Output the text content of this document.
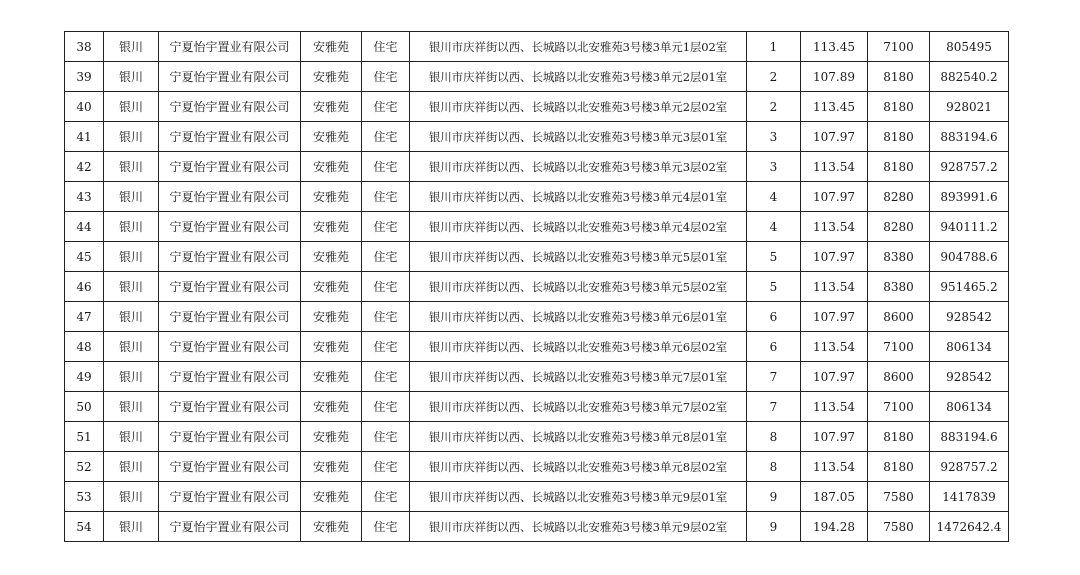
38	银川	宁夏怡宇置业有限公司	安雅苑	住宅	银川市庆祥街以西、长城路以北安雅苑3号楼3单元1层02室	1	113.45	7100	805495
39	银川	宁夏怡宇置业有限公司	安雅苑	住宅	银川市庆祥街以西、长城路以北安雅苑3号楼3单元2层01室	2	107.89	8180	882540.2
40	银川	宁夏怡宇置业有限公司	安雅苑	住宅	银川市庆祥街以西、长城路以北安雅苑3号楼3单元2层02室	2	113.45	8180	928021
41	银川	宁夏怡宇置业有限公司	安雅苑	住宅	银川市庆祥街以西、长城路以北安雅苑3号楼3单元3层01室	3	107.97	8180	883194.6
42	银川	宁夏怡宇置业有限公司	安雅苑	住宅	银川市庆祥街以西、长城路以北安雅苑3号楼3单元3层02室	3	113.54	8180	928757.2
43	银川	宁夏怡宇置业有限公司	安雅苑	住宅	银川市庆祥街以西、长城路以北安雅苑3号楼3单元4层01室	4	107.97	8280	893991.6
44	银川	宁夏怡宇置业有限公司	安雅苑	住宅	银川市庆祥街以西、长城路以北安雅苑3号楼3单元4层02室	4	113.54	8280	940111.2
45	银川	宁夏怡宇置业有限公司	安雅苑	住宅	银川市庆祥街以西、长城路以北安雅苑3号楼3单元5层01室	5	107.97	8380	904788.6
46	银川	宁夏怡宇置业有限公司	安雅苑	住宅	银川市庆祥街以西、长城路以北安雅苑3号楼3单元5层02室	5	113.54	8380	951465.2
47	银川	宁夏怡宇置业有限公司	安雅苑	住宅	银川市庆祥街以西、长城路以北安雅苑3号楼3单元6层01室	6	107.97	8600	928542
48	银川	宁夏怡宇置业有限公司	安雅苑	住宅	银川市庆祥街以西、长城路以北安雅苑3号楼3单元6层02室	6	113.54	7100	806134
49	银川	宁夏怡宇置业有限公司	安雅苑	住宅	银川市庆祥街以西、长城路以北安雅苑3号楼3单元7层01室	7	107.97	8600	928542
50	银川	宁夏怡宇置业有限公司	安雅苑	住宅	银川市庆祥街以西、长城路以北安雅苑3号楼3单元7层02室	7	113.54	7100	806134
51	银川	宁夏怡宇置业有限公司	安雅苑	住宅	银川市庆祥街以西、长城路以北安雅苑3号楼3单元8层01室	8	107.97	8180	883194.6
52	银川	宁夏怡宇置业有限公司	安雅苑	住宅	银川市庆祥街以西、长城路以北安雅苑3号楼3单元8层02室	8	113.54	8180	928757.2
53	银川	宁夏怡宇置业有限公司	安雅苑	住宅	银川市庆祥街以西、长城路以北安雅苑3号楼3单元9层01室	9	187.05	7580	1417839
54	银川	宁夏怡宇置业有限公司	安雅苑	住宅	银川市庆祥街以西、长城路以北安雅苑3号楼3单元9层02室	9	194.28	7580	1472642.4
